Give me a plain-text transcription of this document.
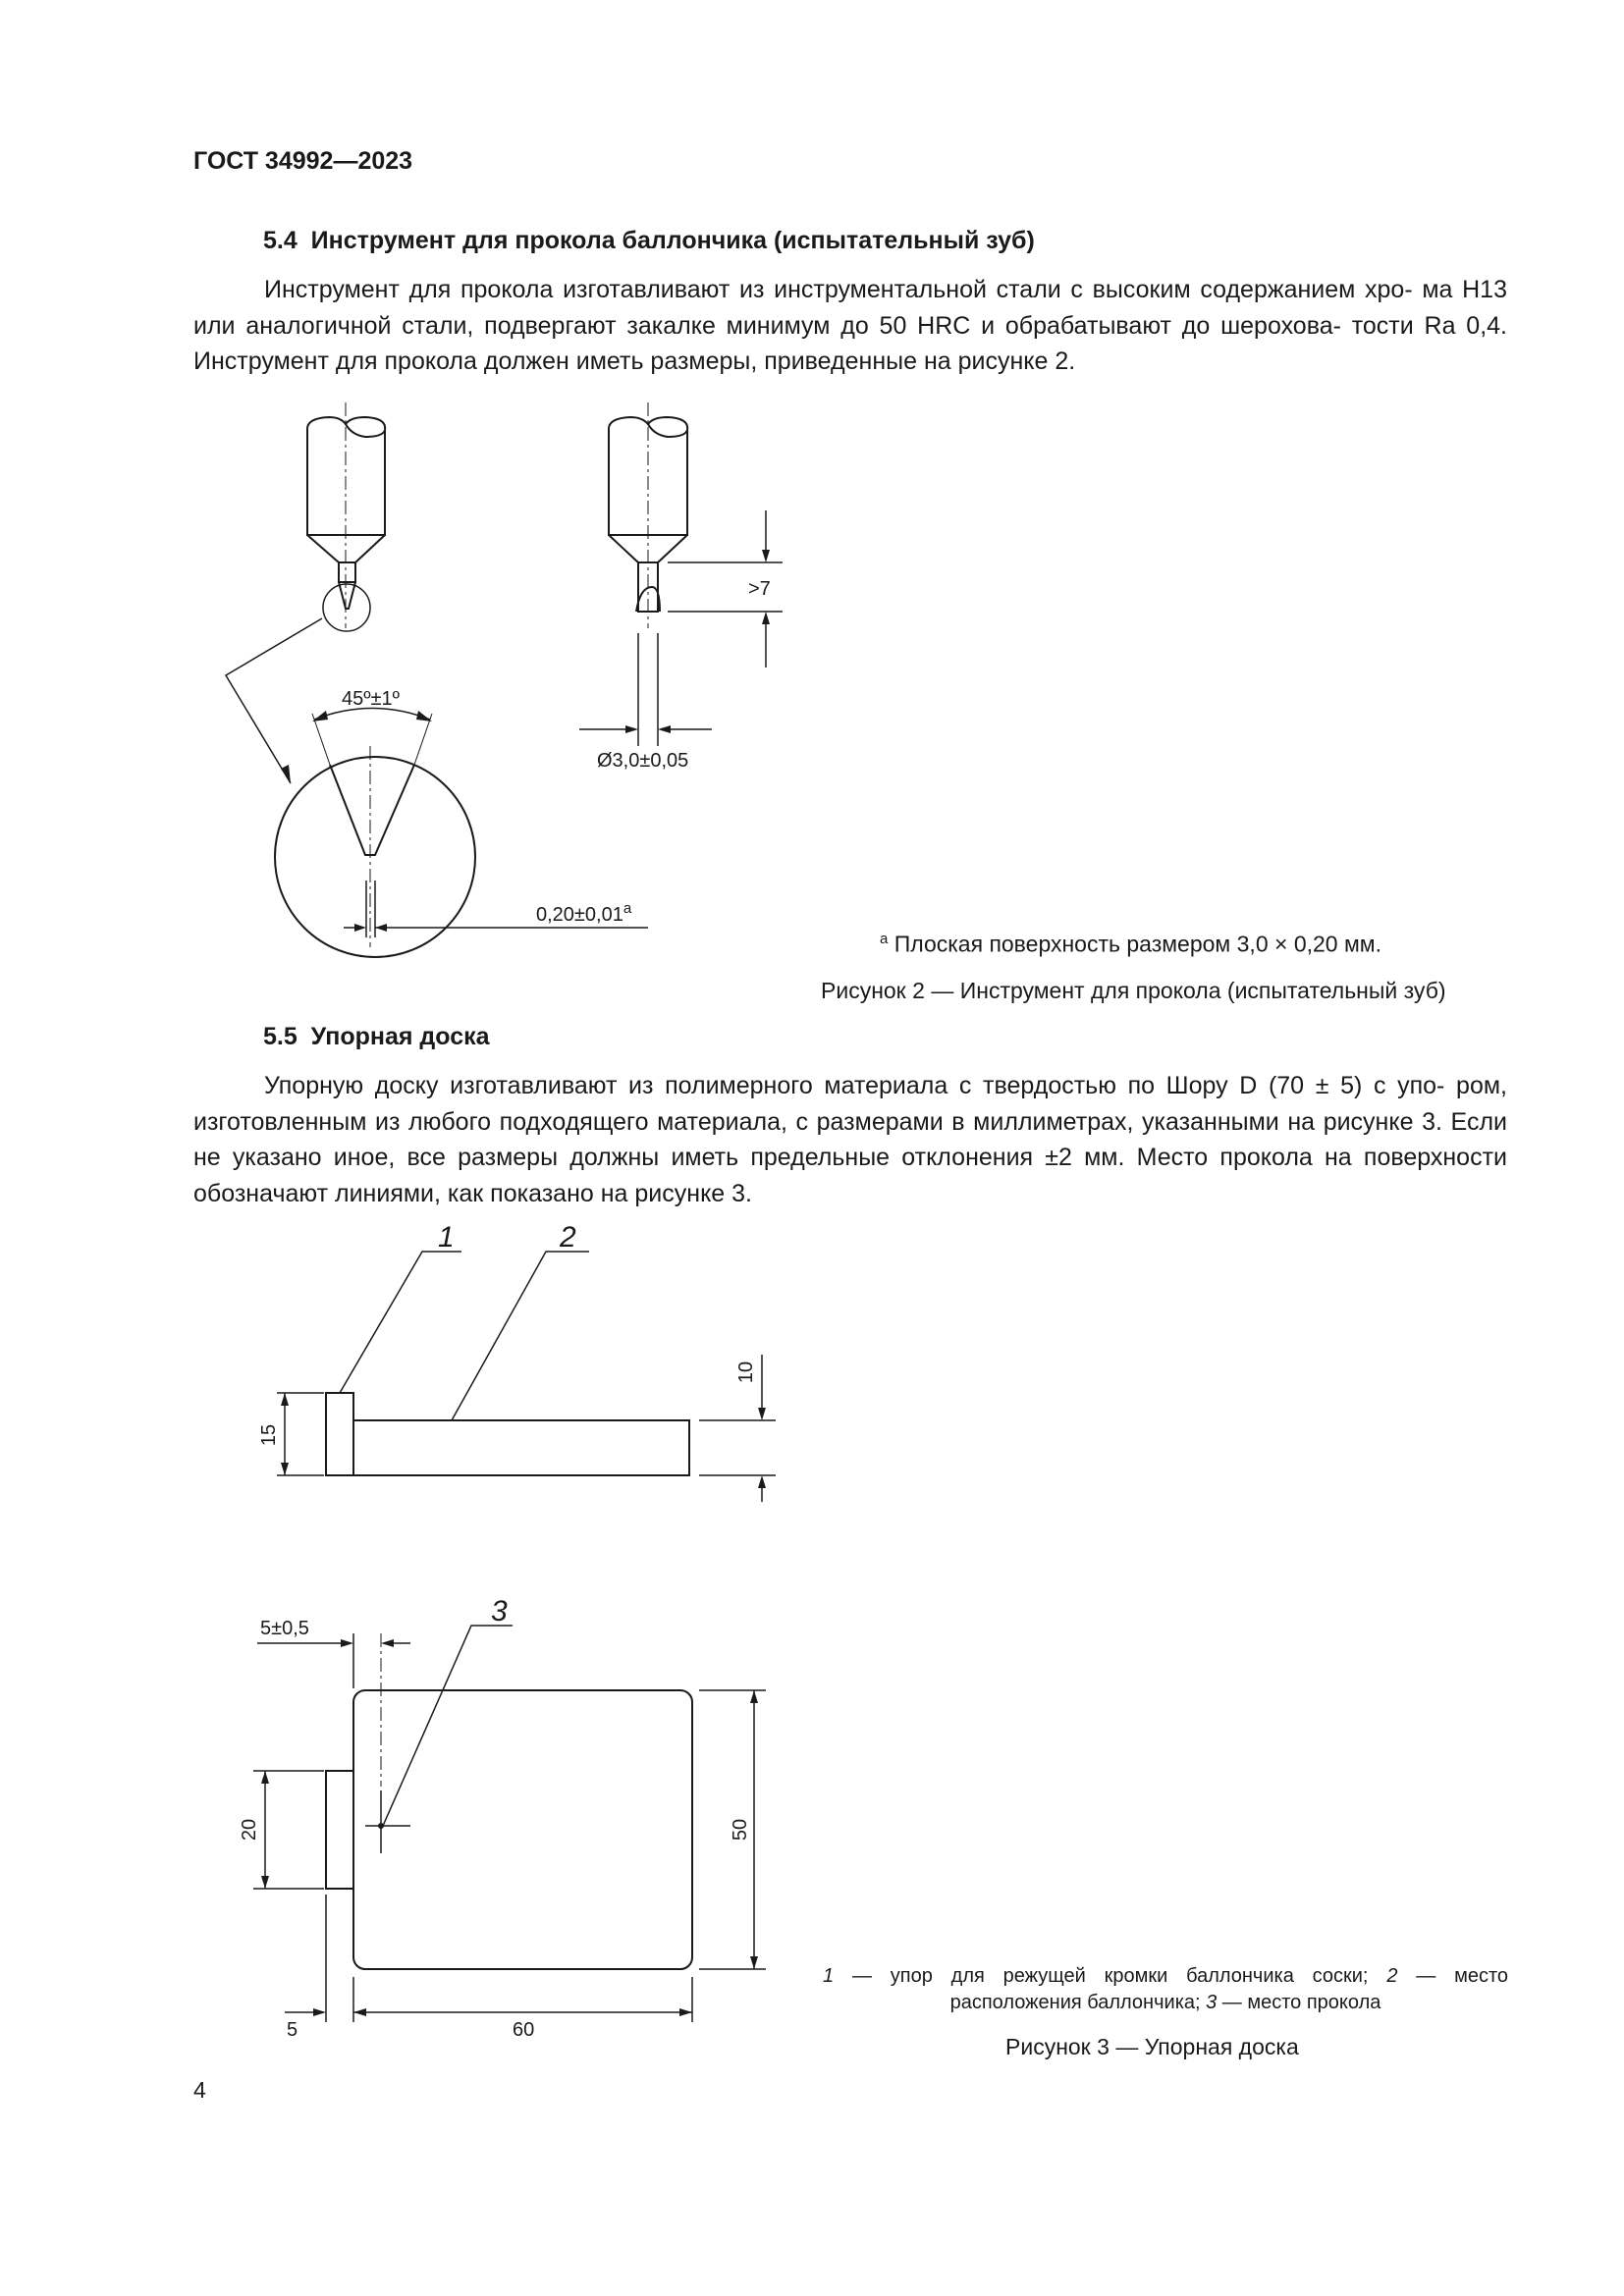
ГОСТ 34992—2023
5.4  Инструмент для прокола баллончика (испытательный зуб)
Инструмент для прокола изготавливают из инструментальной стали с высоким содержанием хро- ма Н13 или аналогичной стали, подвергают закалке минимум до 50 HRC и обрабатывают до шерохова- тости Ra 0,4. Инструмент для прокола должен иметь размеры, приведенные на рисунке 2.
45º±1º
>7
Ø3,0±0,05
0,20±0,01$^a$
$^a$ Плоская поверхность размером 3,0 × 0,20 мм.
Рисунок 2 — Инструмент для прокола (испытательный зуб)
5.5  Упорная доска
Упорную доску изготавливают из полимерного материала с твердостью по Шору D (70 ± 5) с упо- ром, изготовленным из любого подходящего материала, с размерами в миллиметрах, указанными на рисунке 3. Если не указано иное, все размеры должны иметь предельные отклонения ±2 мм. Место прокола на поверхности обозначают линиями, как показано на рисунке 3.
1	2
3
15
10
5±0,5
20	50
5	60
1 — упор для режущей кромки баллончика соски; 2 — место
расположения баллончика; 3 — место прокола
Рисунок 3 — Упорная доска
4
